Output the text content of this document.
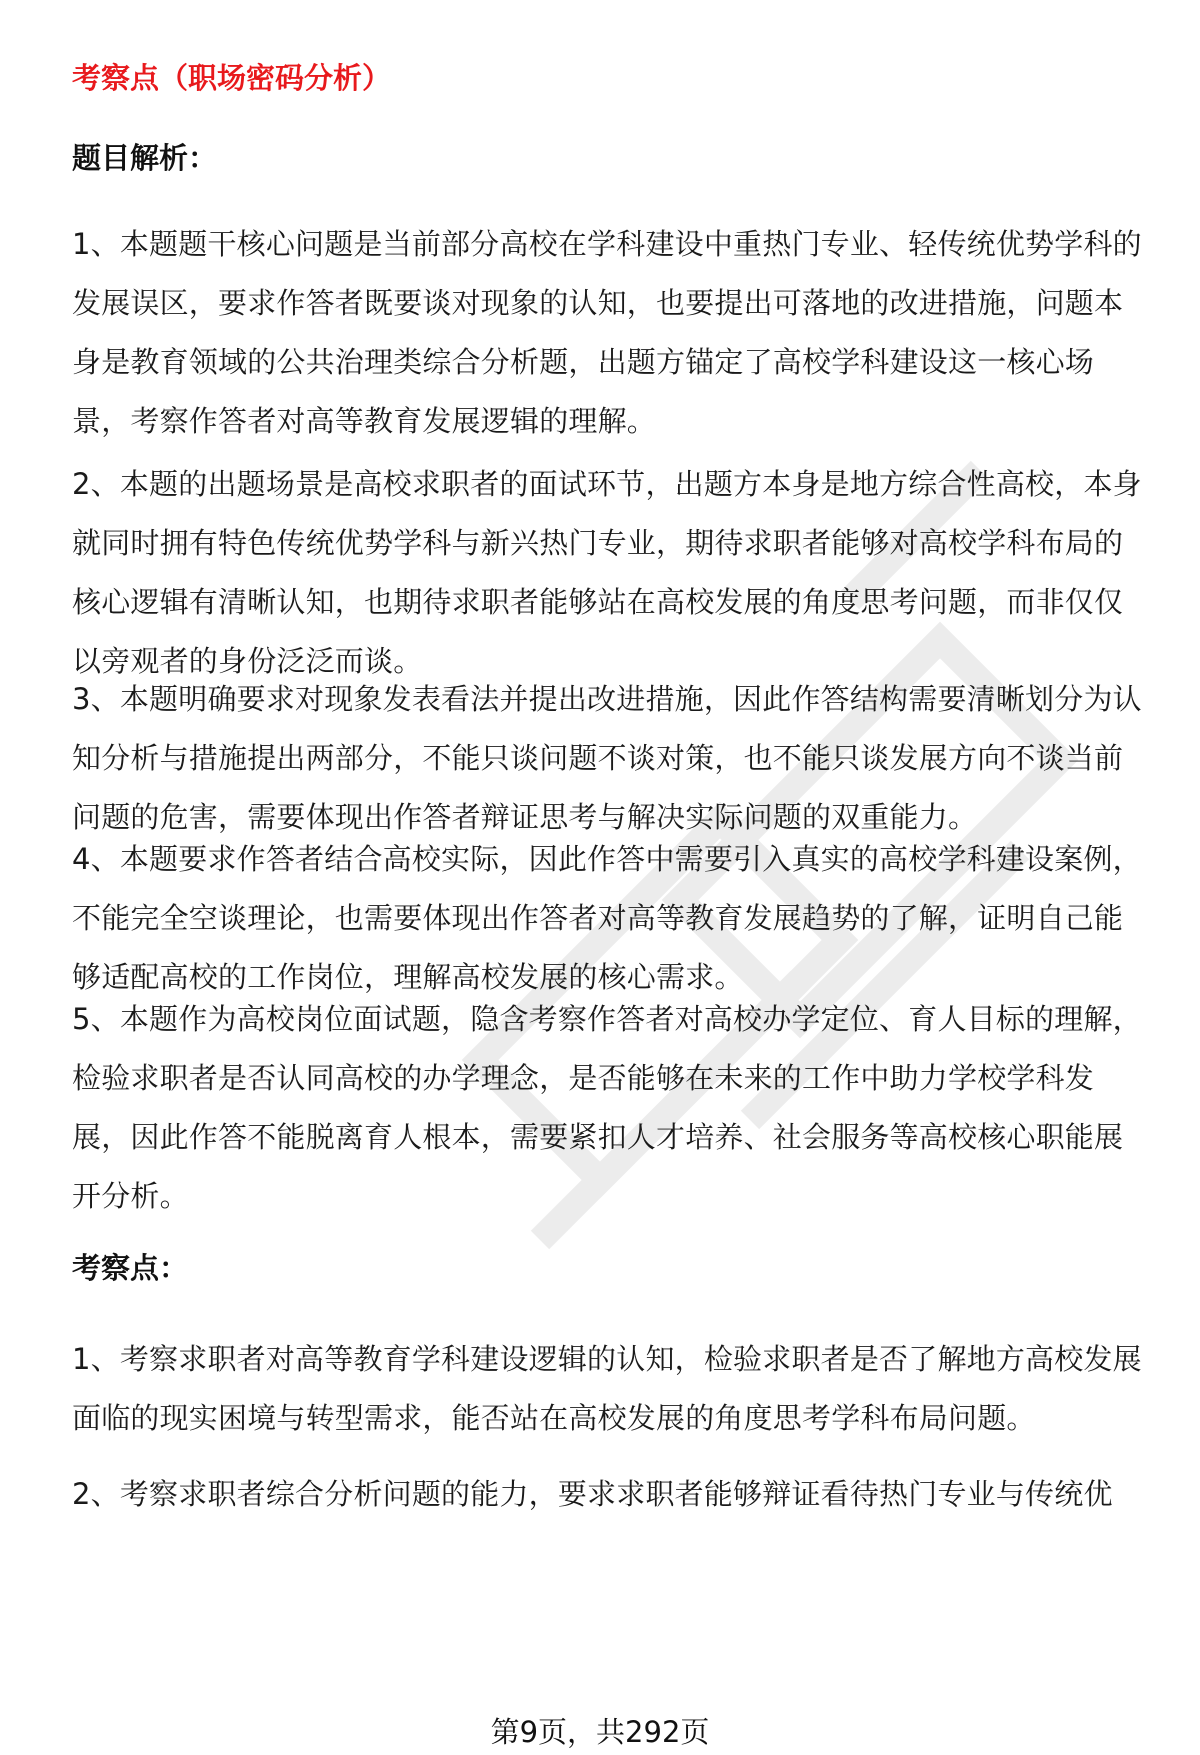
考察点（职场密码分析）

题目解析：

1、本题题干核心问题是当前部分高校在学科建设中重热门专业、轻传统优势学科的发展误区，要求作答者既要谈对现象的认知，也要提出可落地的改进措施，问题本身是教育领域的公共治理类综合分析题，出题方锚定了高校学科建设这一核心场景，考察作答者对高等教育发展逻辑的理解。

2、本题的出题场景是高校求职者的面试环节，出题方本身是地方综合性高校，本身就同时拥有特色传统优势学科与新兴热门专业，期待求职者能够对高校学科布局的核心逻辑有清晰认知，也期待求职者能够站在高校发展的角度思考问题，而非仅仅以旁观者的身份泛泛而谈。

3、本题明确要求对现象发表看法并提出改进措施，因此作答结构需要清晰划分为认知分析与措施提出两部分，不能只谈问题不谈对策，也不能只谈发展方向不谈当前问题的危害，需要体现出作答者辩证思考与解决实际问题的双重能力。

4、本题要求作答者结合高校实际，因此作答中需要引入真实的高校学科建设案例，不能完全空谈理论，也需要体现出作答者对高等教育发展趋势的了解，证明自己能够适配高校的工作岗位，理解高校发展的核心需求。

5、本题作为高校岗位面试题，隐含考察作答者对高校办学定位、育人目标的理解，检验求职者是否认同高校的办学理念，是否能够在未来的工作中助力学校学科发展，因此作答不能脱离育人根本，需要紧扣人才培养、社会服务等高校核心职能展开分析。

考察点：

1、考察求职者对高等教育学科建设逻辑的认知，检验求职者是否了解地方高校发展面临的现实困境与转型需求，能否站在高校发展的角度思考学科布局问题。

2、考察求职者综合分析问题的能力，要求求职者能够辩证看待热门专业与传统优

第9页，共292页
